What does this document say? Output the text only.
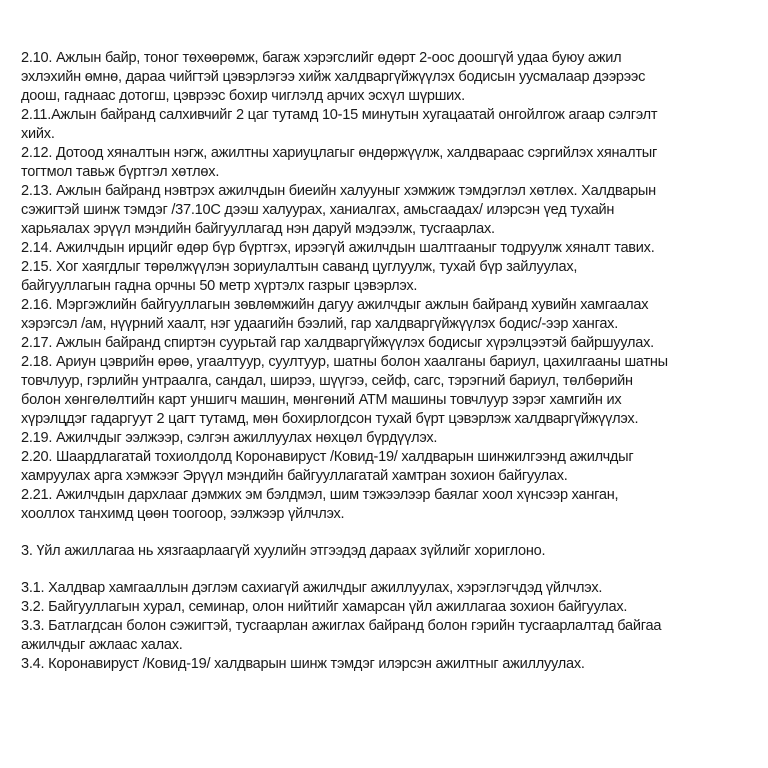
2.10. Ажлын байр, тоног төхөөрөмж, багаж хэрэгслийг өдөрт 2-оос доошгүй удаа буюу ажил
эхлэхийн өмнө, дараа чийгтэй цэвэрлэгээ хийж халдваргүйжүүлэх бодисын уусмалаар дээрээс
доош, гаднаас дотогш, цэврээс бохир чиглэлд арчих эсхүл шүрших.
2.11.Ажлын байранд салхивчийг 2 цаг тутамд 10-15 минутын хугацаатай онгойлгож агаар сэлгэлт
хийх.
2.12. Дотоод хяналтын нэгж, ажилтны хариуцлагыг өндөржүүлж, халдвараас сэргийлэх хяналтыг
тогтмол тавьж бүртгэл хөтлөх.
2.13. Ажлын байранд нэвтрэх ажилчдын биеийн халууныг хэмжиж тэмдэглэл хөтлөх. Халдварын
сэжигтэй шинж тэмдэг /37.10С дээш халуурах, ханиалгах, амьсгаадах/ илэрсэн үед тухайн
харьяалах эрүүл мэндийн байгууллагад нэн даруй мэдээлж, тусгаарлах.
2.14. Ажилчдын ирцийг өдөр бүр бүртгэх, ирээгүй ажилчдын шалтгааныг тодруулж хяналт тавих.
2.15. Хог хаягдлыг төрөлжүүлэн зориулалтын саванд цуглуулж, тухай бүр зайлуулах,
байгууллагын гадна орчны 50 метр хүртэлх газрыг цэвэрлэх.
2.16. Мэргэжлийн байгууллагын зөвлөмжийн дагуу ажилчдыг ажлын байранд хувийн хамгаалах
хэрэгсэл /ам, нүүрний хаалт, нэг удаагийн бээлий, гар халдваргүйжүүлэх бодис/-ээр хангах.
2.17. Ажлын байранд спиртэн суурьтай гар халдваргүйжүүлэх бодисыг хүрэлцээтэй байршуулах.
2.18. Ариун цэврийн өрөө, угаалтуур, суултуур, шатны болон хаалганы бариул, цахилгааны шатны
товчлуур, гэрлийн унтраалга, сандал, ширээ, шүүгээ, сейф, сагс, тэрэгний бариул, төлбөрийн
болон хөнгөлөлтийн карт уншигч машин, мөнгөний АТМ машины товчлуур зэрэг хамгийн их
хүрэлцдэг гадаргуут 2 цагт тутамд, мөн бохирлогдсон тухай бүрт цэвэрлэж халдваргүйжүүлэх.
2.19. Ажилчдыг ээлжээр, сэлгэн ажиллуулах нөхцөл бүрдүүлэх.
2.20. Шаардлагатай тохиолдолд Коронавируст /Ковид-19/ халдварын шинжилгээнд ажилчдыг
хамруулах арга хэмжээг Эрүүл мэндийн байгууллагатай хамтран зохион байгуулах.
2.21. Ажилчдын дархлааг дэмжих эм бэлдмэл, шим тэжээлээр баялаг хоол хүнсээр ханган,
хооллох танхимд цөөн тоогоор, ээлжээр үйлчлэх.
3. Үйл ажиллагаа нь хязгаарлаагүй хуулийн этгээдэд дараах зүйлийг хориглоно.
3.1. Халдвар хамгааллын дэглэм сахиагүй ажилчдыг ажиллуулах, хэрэглэгчдэд үйлчлэх.
3.2. Байгууллагын хурал, семинар, олон нийтийг хамарсан үйл ажиллагаа зохион байгуулах.
3.3. Батлагдсан болон сэжигтэй, тусгаарлан ажиглах байранд болон гэрийн тусгаарлалтад байгаа
ажилчдыг ажлаас халах.
3.4. Коронавируст /Ковид-19/ халдварын шинж тэмдэг илэрсэн ажилтныг ажиллуулах.
